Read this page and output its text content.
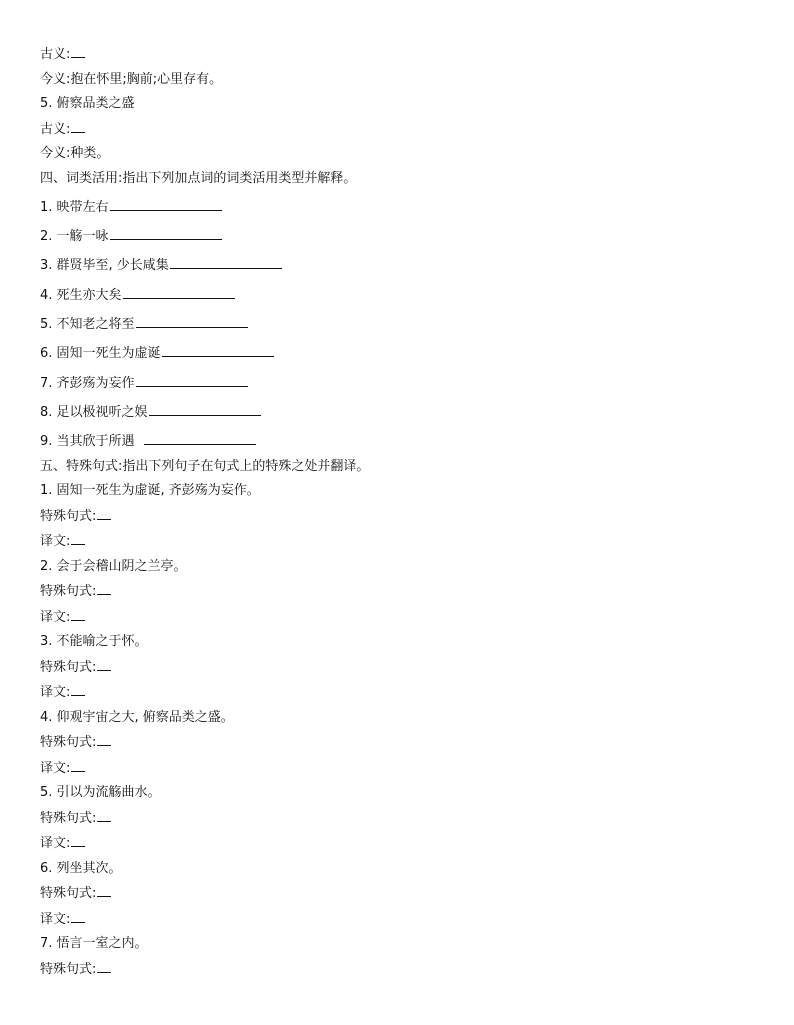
古义:
今义:抱在怀里;胸前;心里存有。
5. 俯察品类之盛
古义:
今义:种类。
四、词类活用:指出下列加点词的词类活用类型并解释。
1. 映带左右
2. 一觞一咏
3. 群贤毕至, 少长咸集
4. 死生亦大矣
5. 不知老之将至
6. 固知一死生为虚诞
7. 齐彭殇为妄作
8. 足以极视听之娱
9. 当其欣于所遇
五、特殊句式:指出下列句子在句式上的特殊之处并翻译。
1. 固知一死生为虚诞, 齐彭殇为妄作。
特殊句式:
译文:
2. 会于会稽山阴之兰亭。
特殊句式:
译文:
3. 不能喻之于怀。
特殊句式:
译文:
4. 仰观宇宙之大, 俯察品类之盛。
特殊句式:
译文:
5. 引以为流觞曲水。
特殊句式:
译文:
6. 列坐其次。
特殊句式:
译文:
7. 悟言一室之内。
特殊句式:
